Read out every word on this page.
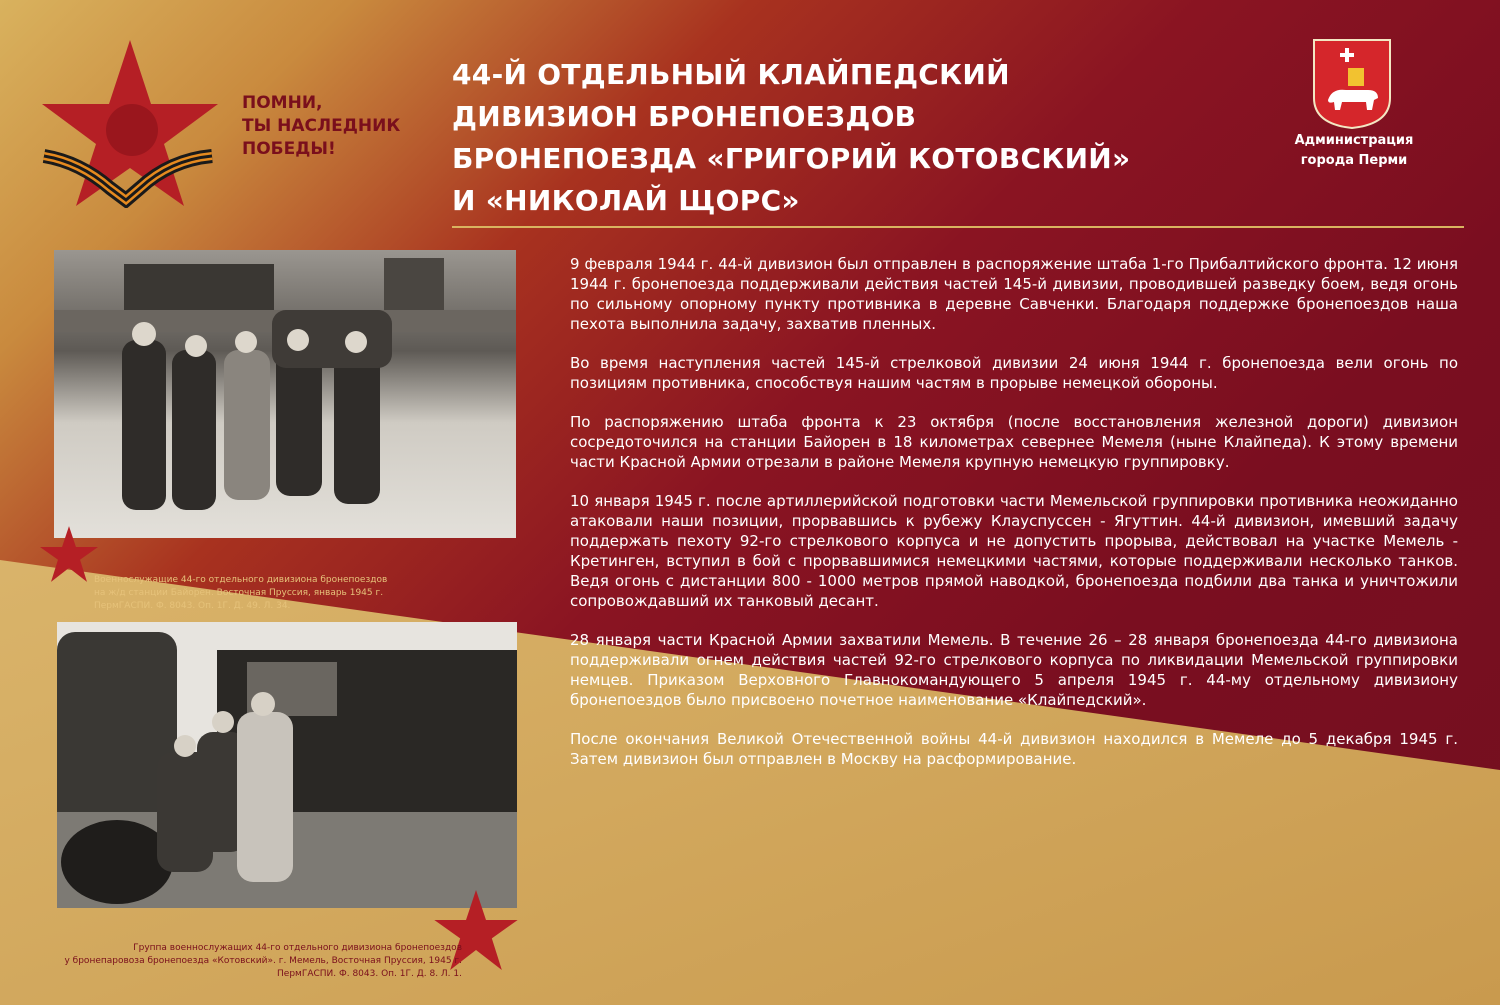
ПОМНИ,
ТЫ НАСЛЕДНИК
ПОБЕДЫ!
44-Й ОТДЕЛЬНЫЙ КЛАЙПЕДСКИЙ
ДИВИЗИОН БРОНЕПОЕЗДОВ
БРОНЕПОЕЗДА «ГРИГОРИЙ КОТОВСКИЙ»
И «НИКОЛАЙ ЩОРС»
Администрация
города Перми
Военнослужащие 44-го отдельного дивизиона бронепоездов
на ж/д станции Байорен. Восточная Пруссия, январь 1945 г.
ПермГАСПИ. Ф. 8043. Оп. 1Г. Д. 49. Л. 34.
Группа военнослужащих 44-го отдельного дивизиона бронепоездов
у бронепаровоза бронепоезда «Котовский». г. Мемель, Восточная Пруссия, 1945 г.
ПермГАСПИ. Ф. 8043. Оп. 1Г. Д. 8. Л. 1.

9 февраля 1944 г. 44-й дивизион был отправлен в распоряжение штаба 1-го Прибалтийского фронта. 12 июня 1944 г. бронепоезда поддерживали действия частей 145-й дивизии, проводившей разведку боем, ведя огонь по сильному опорному пункту противника в деревне Савченки. Благодаря поддержке бронепоездов наша пехота выполнила задачу, захватив пленных.

Во время наступления частей 145-й стрелковой дивизии 24 июня 1944 г. бронепоезда вели огонь по позициям противника, способствуя нашим частям в прорыве немецкой обороны.

По распоряжению штаба фронта к 23 октября (после восстановления железной дороги) дивизион сосредоточился на станции Байорен в 18 километрах севернее Мемеля (ныне Клайпеда). К этому времени части Красной Армии отрезали в районе Мемеля крупную немецкую группировку.

10 января 1945 г. после артиллерийской подготовки части Мемельской группировки противника неожиданно атаковали наши позиции, прорвавшись к рубежу Клауспуссен - Ягуттин. 44-й дивизион, имевший задачу поддержать пехоту 92-го стрелкового корпуса и не допустить прорыва, действовал на участке Мемель - Кретинген, вступил в бой с прорвавшимися немецкими частями, которые поддерживали несколько танков. Ведя огонь с дистанции 800 - 1000 метров прямой наводкой, бронепоезда подбили два танка и уничтожили сопровождавший их танковый десант.

28 января части Красной Армии захватили Мемель. В течение 26 – 28 января бронепоезда 44-го дивизиона поддерживали огнем действия частей 92-го стрелкового корпуса по ликвидации Мемельской группировки немцев. Приказом Верховного Главнокомандующего 5 апреля 1945 г. 44-му отдельному дивизиону бронепоездов было присвоено почетное наименование «Клайпедский».

После окончания Великой Отечественной войны 44-й дивизион находился в Мемеле до 5 декабря 1945 г. Затем дивизион был отправлен в Москву на расформирование.
